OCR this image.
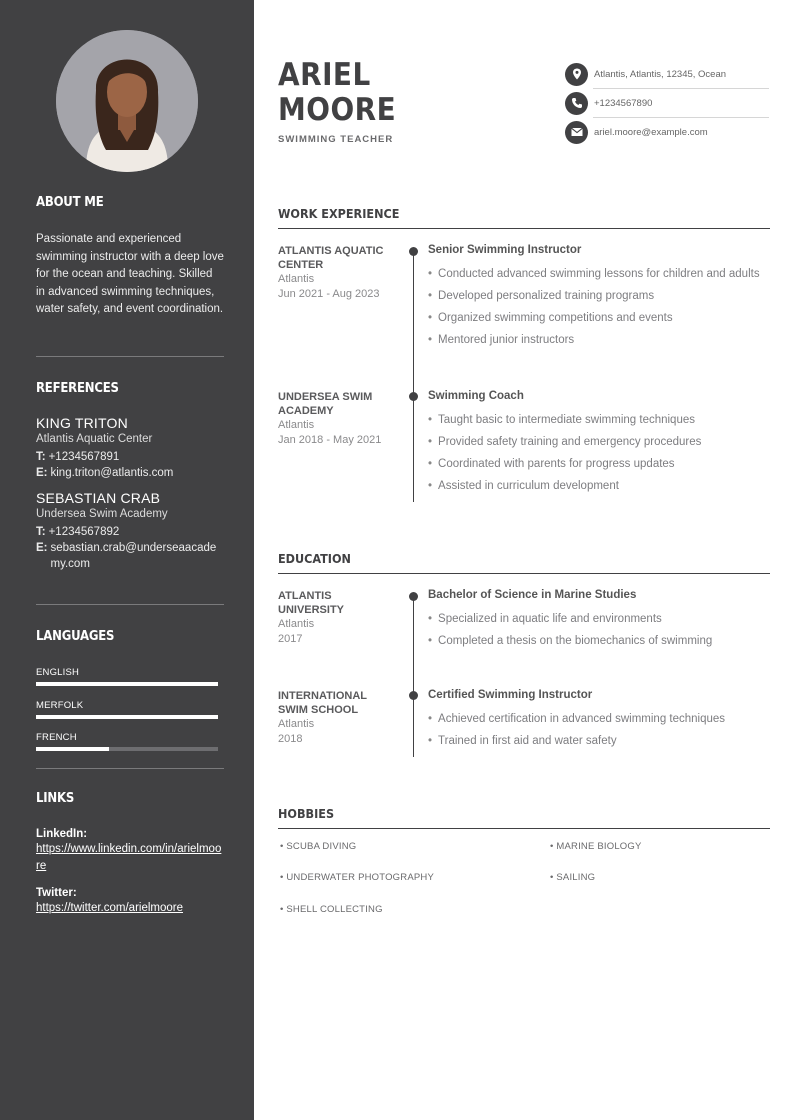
ABOUT ME
Passionate and experienced swimming instructor with a deep love for the ocean and teaching. Skilled in advanced swimming techniques, water safety, and event coordination.
REFERENCES
KING TRITON
Atlantis Aquatic Center
T: +1234567891
E: king.triton@atlantis.com
SEBASTIAN CRAB
Undersea Swim Academy
T: +1234567892
E: sebastian.crab@underseaacademy.com
LANGUAGES
ENGLISH
MERFOLK
FRENCH
LINKS
LinkedIn:
https://www.linkedin.com/in/arielmoore
Twitter:
https://twitter.com/arielmoore
ARIEL
MOORE
SWIMMING TEACHER
Atlantis, Atlantis, 12345, Ocean
+1234567890
ariel.moore@example.com
WORK EXPERIENCE
ATLANTIS AQUATIC CENTER
Atlantis
Jun 2021 - Aug 2023
Senior Swimming Instructor
• Conducted advanced swimming lessons for children and adults
• Developed personalized training programs
• Organized swimming competitions and events
• Mentored junior instructors
UNDERSEA SWIM ACADEMY
Atlantis
Jan 2018 - May 2021
Swimming Coach
• Taught basic to intermediate swimming techniques
• Provided safety training and emergency procedures
• Coordinated with parents for progress updates
• Assisted in curriculum development
EDUCATION
ATLANTIS UNIVERSITY
Atlantis
2017
Bachelor of Science in Marine Studies
• Specialized in aquatic life and environments
• Completed a thesis on the biomechanics of swimming
INTERNATIONAL SWIM SCHOOL
Atlantis
2018
Certified Swimming Instructor
• Achieved certification in advanced swimming techniques
• Trained in first aid and water safety
HOBBIES
• SCUBA DIVING	• MARINE BIOLOGY
• UNDERWATER PHOTOGRAPHY	• SAILING
• SHELL COLLECTING
